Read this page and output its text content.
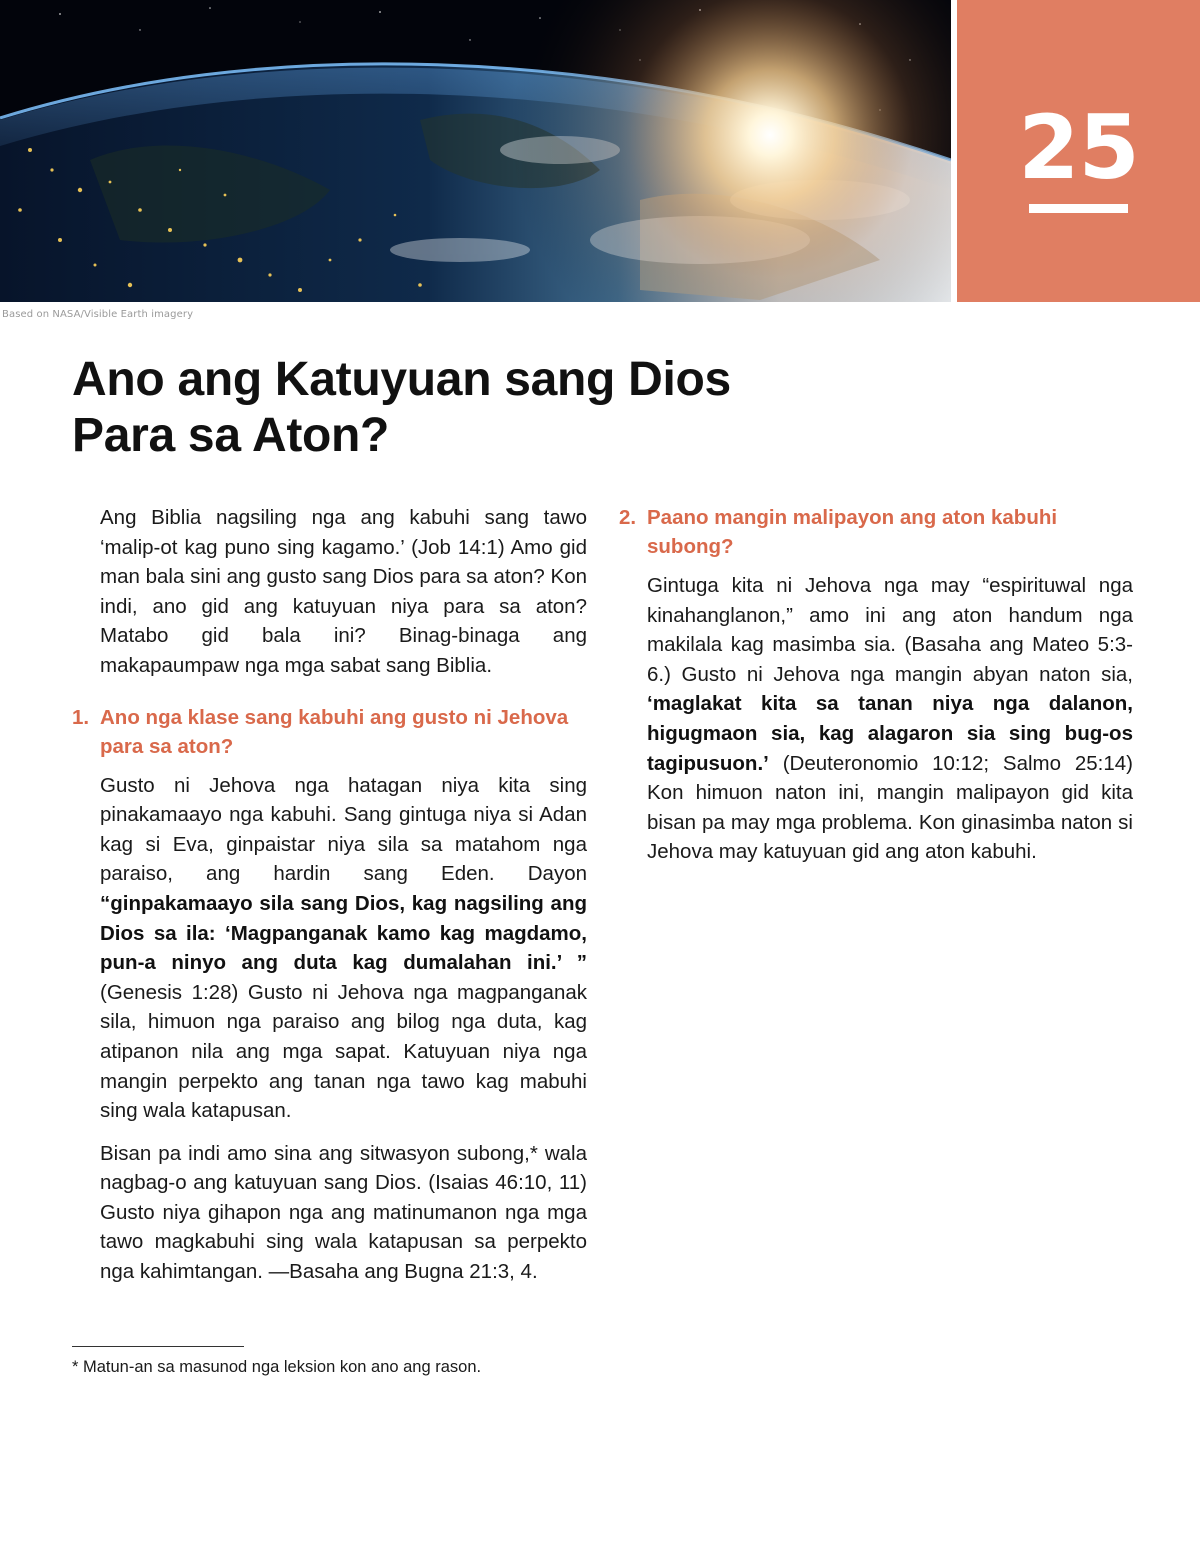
Based on NASA/Visible Earth imagery
25
Ano ang Katuyuan sang Dios
Para sa Aton?

Ang Biblia nagsiling nga ang kabuhi sang tawo ‘malip-ot kag puno sing kagamo.’ (Job 14:1) Amo gid man bala sini ang gusto sang Dios para sa aton? Kon indi, ano gid ang katuyuan niya para sa aton? Matabo gid bala ini? Binag-binaga ang makapaumpaw nga mga sabat sang Biblia.

1. Ano nga klase sang kabuhi ang gusto ni Jehova para sa aton?

Gusto ni Jehova nga hatagan niya kita sing pinakamaayo nga kabuhi. Sang gintuga niya si Adan kag si Eva, ginpaistar niya sila sa matahom nga paraiso, ang hardin sang Eden. Dayon “ginpakamaayo sila sang Dios, kag nagsiling ang Dios sa ila: ‘Magpanganak kamo kag magdamo, pun-a ninyo ang duta kag dumalahan ini.’ ” (Genesis 1:28) Gusto ni Jehova nga magpanganak sila, himuon nga paraiso ang bilog nga duta, kag atipanon nila ang mga sapat. Katuyuan niya nga mangin perpekto ang tanan nga tawo kag mabuhi sing wala katapusan.

Bisan pa indi amo sina ang sitwasyon subong,* wala nagbag-o ang katuyuan sang Dios. (Isaias 46:10, 11) Gusto niya gihapon nga ang matinumanon nga mga tawo magkabuhi sing wala katapusan sa perpekto nga kahimtangan. —Basaha ang Bugna 21:3, 4.

2. Paano mangin malipayon ang aton kabuhi subong?

Gintuga kita ni Jehova nga may “espirituwal nga kinahanglanon,” amo ini ang aton handum nga makilala kag masimba sia. (Basaha ang Mateo 5:3-6.) Gusto ni Jehova nga mangin abyan naton sia, ‘maglakat kita sa tanan niya nga dalanon, higugmaon sia, kag alagaron sia sing bug-os tagipusuon.’ (Deuteronomio 10:12; Salmo 25:14) Kon himuon naton ini, mangin malipayon gid kita bisan pa may mga problema. Kon ginasimba naton si Jehova may katuyuan gid ang aton kabuhi.

* Matun-an sa masunod nga leksion kon ano ang rason.
